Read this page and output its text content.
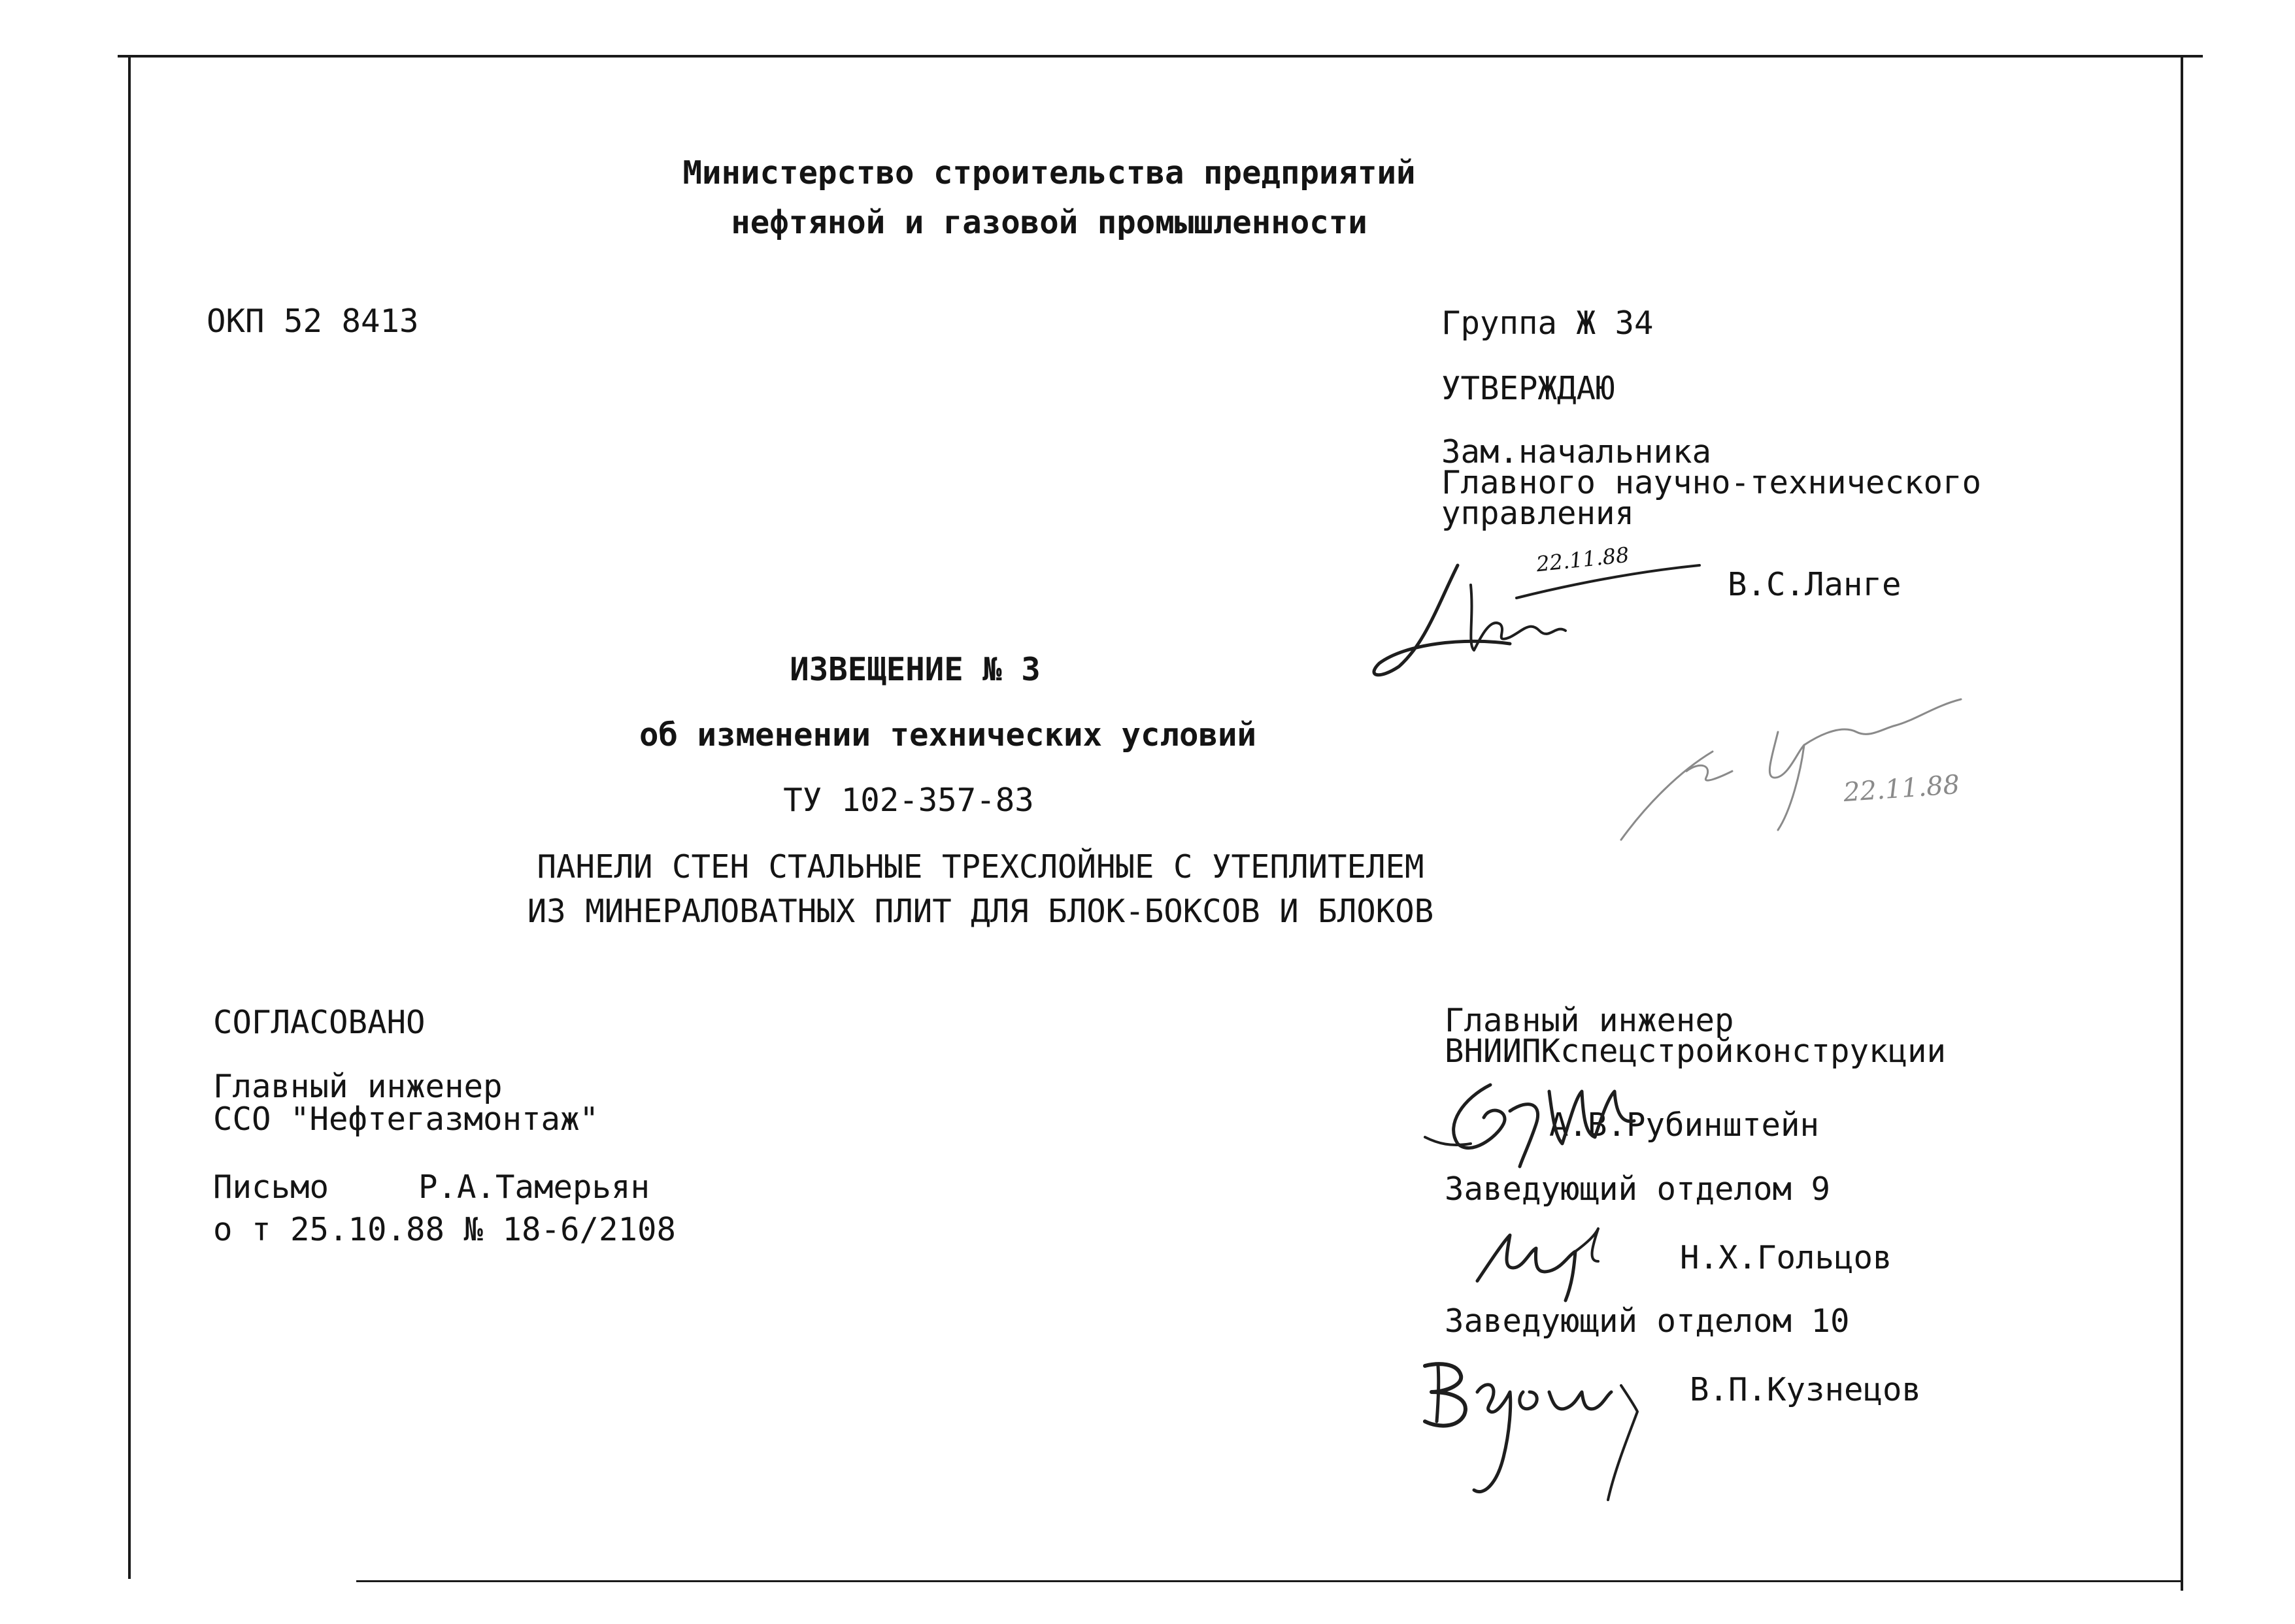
Министерство строительства предприятий
нефтяной и газовой промышленности
ОКП 52 8413	Группа Ж 34
УТВЕРЖДАЮ
Зам.начальника
Главного научно-технического
управления
22.11.88
В.С.Ланге
ИЗВЕЩЕНИЕ № 3
об изменении технических условий
ТУ 102-357-83
ПАНЕЛИ СТЕН СТАЛЬНЫЕ ТРЕХСЛОЙНЫЕ С УТЕПЛИТЕЛЕМ
ИЗ МИНЕРАЛОВАТНЫХ ПЛИТ ДЛЯ БЛОК-БОКСОВ И БЛОКОВ
22.11.88
СОГЛАСОВАНО
Главный инженер
ССО "Нефтегазмонтаж"
Письмо	Р.А.Тамерьян
о т 25.10.88 № 18-6/2108
Главный инженер
ВНИИПКспецстройконструкции
А.В.Рубинштейн
Заведующий отделом 9
Н.Х.Гольцов
Заведующий отделом 10
В.П.Кузнецов
